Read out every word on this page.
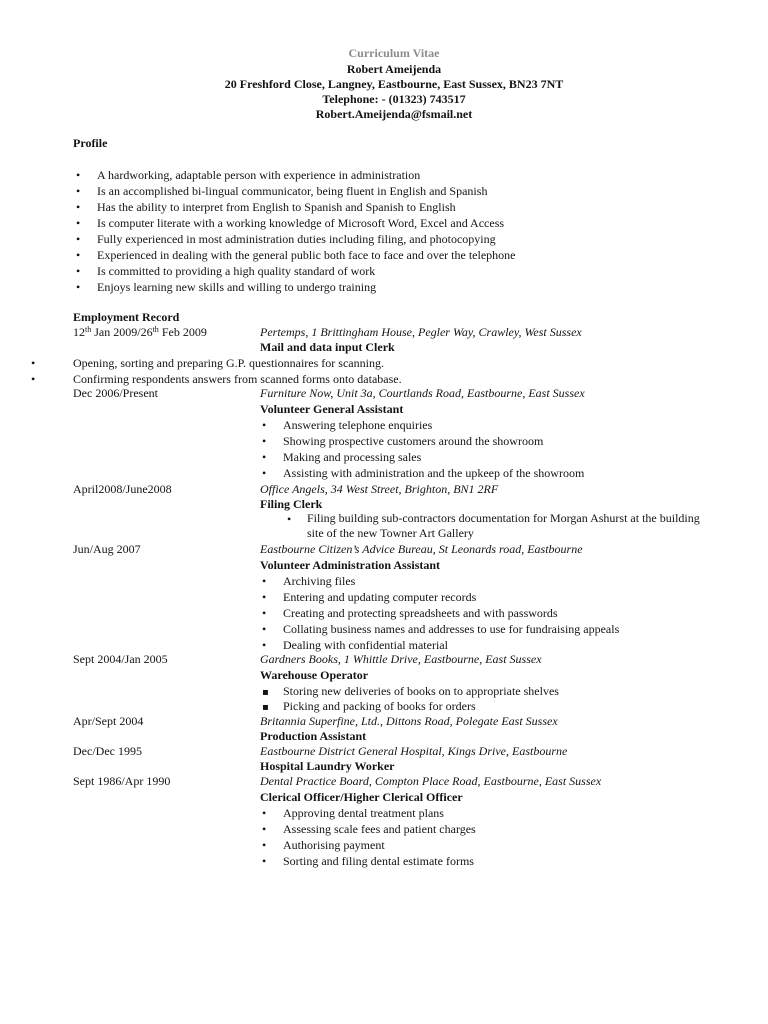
Curriculum Vitae
Robert Ameijenda
20 Freshford Close, Langney, Eastbourne, East Sussex, BN23 7NT
Telephone: - (01323) 743517
Robert.Ameijenda@fsmail.net
Profile
•
A hardworking, adaptable person with experience in administration
•
Is an accomplished bi-lingual communicator, being fluent in English and Spanish
•
Has the ability to interpret from English to Spanish and Spanish to English
•
Is computer literate with a working knowledge of Microsoft Word, Excel and Access
•
Fully experienced in most administration duties including filing, and photocopying
•
Experienced in dealing with the general public both face to face and over the telephone
•
Is committed to providing a high quality standard of work
•
Enjoys learning new skills and willing to undergo training
Employment Record
12th Jan 2009/26th Feb 2009	Pertemps, 1 Brittingham House, Pegler Way, Crawley, West Sussex
Mail and data input Clerk
•
Opening, sorting and preparing G.P. questionnaires for scanning.
•
Confirming respondents answers from scanned forms onto database.
Dec 2006/Present	Furniture Now, Unit 3a, Courtlands Road, Eastbourne, East Sussex
Volunteer General Assistant
•
Answering telephone enquiries
•
Showing prospective customers around the showroom
•
Making and processing sales
•
Assisting with administration and the upkeep of the showroom
April2008/June2008	Office Angels, 34 West Street, Brighton, BN1 2RF
Filing Clerk
•
Filing building sub-contractors documentation for Morgan Ashurst at the building site of the new Towner Art Gallery
Jun/Aug 2007	Eastbourne Citizen’s Advice Bureau, St Leonards road, Eastbourne
Volunteer Administration Assistant
•
Archiving files
•
Entering and updating computer records
•
Creating and protecting spreadsheets and with passwords
•
Collating business names and addresses to use for fundraising appeals
•
Dealing with confidential material
Sept 2004/Jan 2005	Gardners Books, 1 Whittle Drive, Eastbourne, East Sussex
Warehouse Operator
▪
Storing new deliveries of books on to appropriate shelves
▪
Picking and packing of books for orders
Apr/Sept 2004	Britannia Superfine, Ltd., Dittons Road, Polegate East Sussex
Production Assistant
Dec/Dec 1995	Eastbourne District General Hospital, Kings Drive, Eastbourne
Hospital Laundry Worker
Sept 1986/Apr 1990	Dental Practice Board, Compton Place Road, Eastbourne, East Sussex
Clerical Officer/Higher Clerical Officer
•
Approving dental treatment plans
•
Assessing scale fees and patient charges
•
Authorising payment
•
Sorting and filing dental estimate forms
